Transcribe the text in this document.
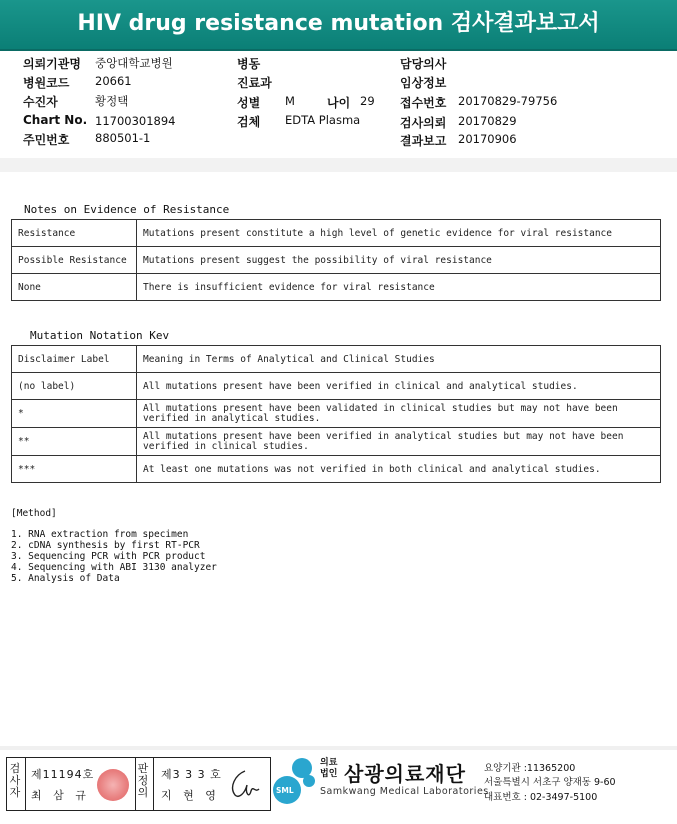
HIV drug resistance mutation 검사결과보고서
의뢰기관명 중앙대학교병원
병원코드 20661
수진자	황정택
Chart No. 11700301894
주민번호 880501-1
병동
진료과
성별 M	나이 29
검체 EDTA Plasma
담당의사
임상정보
접수번호 20170829-79756
검사의뢰 20170829
결과보고 20170906
Notes on Evidence of Resistance
Resistance	Mutations present constitute a high level of genetic evidence for viral resistance
Possible Resistance	Mutations present suggest the possibility of viral resistance
None	There is insufficient evidence for viral resistance
Mutation Notation Kev
Disclaimer Label	Meaning in Terms of Analytical and Clinical Studies
(no label)	All mutations present have been verified in clinical and analytical studies.
*	All mutations present have been validated in clinical studies but may not have been verified in analytical studies.
**	All mutations present have been verified in analytical studies but may not have been verified in clinical studies.
***	At least one mutations was not verified in both clinical and analytical studies.
[Method]
1. RNA extraction from specimen
2. cDNA synthesis by first RT-PCR
3. Sequencing PCR with PCR product
4. Sequencing with ABI 3130 analyzer
5. Analysis of Data
검
사
자
제11194호
최 삼 규
판
정
의
제3 3 3 호
지 현 영	SML
의료
법인 삼광의료재단
Samkwang Medical Laboratories
요양기관 :11365200
서울특별시 서초구 양재동 9-60
대표번호 : 02-3497-5100
